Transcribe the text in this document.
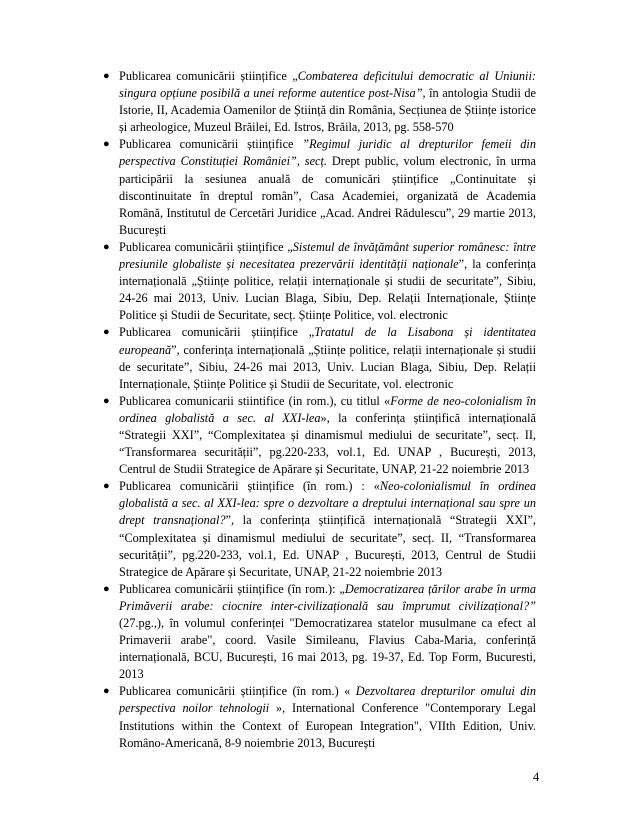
● Publicarea comunicării științifice „Combaterea deficitului democratic al Uniunii: singura opțiune posibilă a unei reforme autentice post-Nisa”, în antologia Studii de Istorie, II, Academia Oamenilor de Știință din România, Secțiunea de Științe istorice și arheologice, Muzeul Brăilei, Ed. Istros, Brăila, 2013, pg. 558-570
● Publicarea comunicării științifice ”Regimul juridic al drepturilor femeii din perspectiva Constituției României”, secț. Drept public, volum electronic, în urma participării la sesiunea anuală de comunicări științifice „Continuitate și discontinuitate în dreptul român”, Casa Academiei, organizată de Academia Română, Institutul de Cercetări Juridice „Acad. Andrei Rădulescu”, 29 martie 2013, București
● Publicarea comunicării științifice „Sistemul de învățământ superior românesc: între presiunile globaliste și necesitatea prezervării identității naționale”, la conferința internațională „Științe politice, relații internaționale și studii de securitate”, Sibiu, 24-26 mai 2013, Univ. Lucian Blaga, Sibiu, Dep. Relații Internaționale, Științe Politice și Studii de Securitate, secț. Științe Politice, vol. electronic
● Publicarea comunicării științifice „Tratatul de la Lisabona și identitatea europeană”, conferința internațională „Științe politice, relații internaționale și studii de securitate”, Sibiu, 24-26 mai 2013, Univ. Lucian Blaga, Sibiu, Dep. Relații Internaționale, Științe Politice și Studii de Securitate, vol. electronic
● Publicarea comunicarii stiintifice (in rom.), cu titlul «Forme de neo-colonialism în ordinea globalistă a sec. al XXI-lea», la conferința științifică internațională “Strategii XXI”, “Complexitatea și dinamismul mediului de securitate”, secț. II, “Transformarea securității”, pg.220-233, vol.1, Ed. UNAP , București, 2013, Centrul de Studii Strategice de Apărare și Securitate, UNAP, 21-22 noiembrie 2013
● Publicarea comunicării științifice (în rom.) : «Neo-colonialismul în ordinea globalistă a sec. al XXI-lea: spre o dezvoltare a dreptului internațional sau spre un drept transnațional?”, la conferința științifică internațională “Strategii XXI”, “Complexitatea și dinamismul mediului de securitate”, secț. II, “Transformarea securității”, pg.220-233, vol.1, Ed. UNAP , București, 2013, Centrul de Studii Strategice de Apărare și Securitate, UNAP, 21-22 noiembrie 2013
● Publicarea comunicării științifice (în rom.): „Democratizarea țărilor arabe în urma Primăverii arabe: ciocnire inter-civilizațională sau împrumut civilizațional?” (27.pg.,), în volumul conferinței "Democratizarea statelor musulmane ca efect al Primaverii arabe", coord. Vasile Simileanu, Flavius Caba-Maria, conferință internațională, BCU, București, 16 mai 2013, pg. 19-37, Ed. Top Form, Bucuresti, 2013
● Publicarea comunicării științifice (în rom.) « Dezvoltarea drepturilor omului din perspectiva noilor tehnologii », International Conference "Contemporary Legal Institutions within the Context of European Integration", VIIth Edition, Univ. Româno-Americană, 8-9 noiembrie 2013, București
4
